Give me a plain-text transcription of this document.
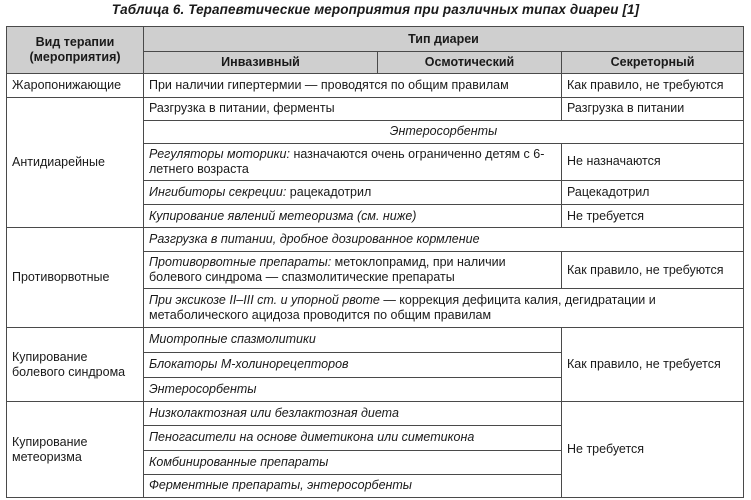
Таблица 6. Терапевтические мероприятия при различных типах диареи [1]
Вид терапии (мероприятия)	Тип диареи		
	Инвазивный	Осмотический	Секреторный
Жаропонижающие	При наличии гипертермии — проводятся по общим правилам		Как правило, не требуются
Антидиарейные	Разгрузка в питании, ферменты		Разгрузка в питании
	Энтеросорбенты		
	Регуляторы моторики: назначаются очень ограниченно детям с 6-летнего возраста		Не назначаются
	Ингибиторы секреции: рацекадотрил		Рацекадотрил
	Купирование явлений метеоризма (см. ниже)		Не требуется
Противорвотные	Разгрузка в питании, дробное дозированное кормление		
	Противорвотные препараты: метоклопрамид, при наличии болевого синдрома — спазмолитические препараты		Как правило, не требуются
	При эксикозе II–III ст. и упорной рвоте — коррекция дефицита калия, дегидратации и метаболического ацидоза проводится по общим правилам		
Купирование болевого синдрома	Миотропные спазмолитики		Как правило, не требуется
	Блокаторы М-холинорецепторов		
	Энтеросорбенты		
Купирование метеоризма	Низколактозная или безлактозная диета		Не требуется
	Пеногасители на основе диметикона или симетикона		
	Комбинированные препараты		
	Ферментные препараты, энтеросорбенты		
